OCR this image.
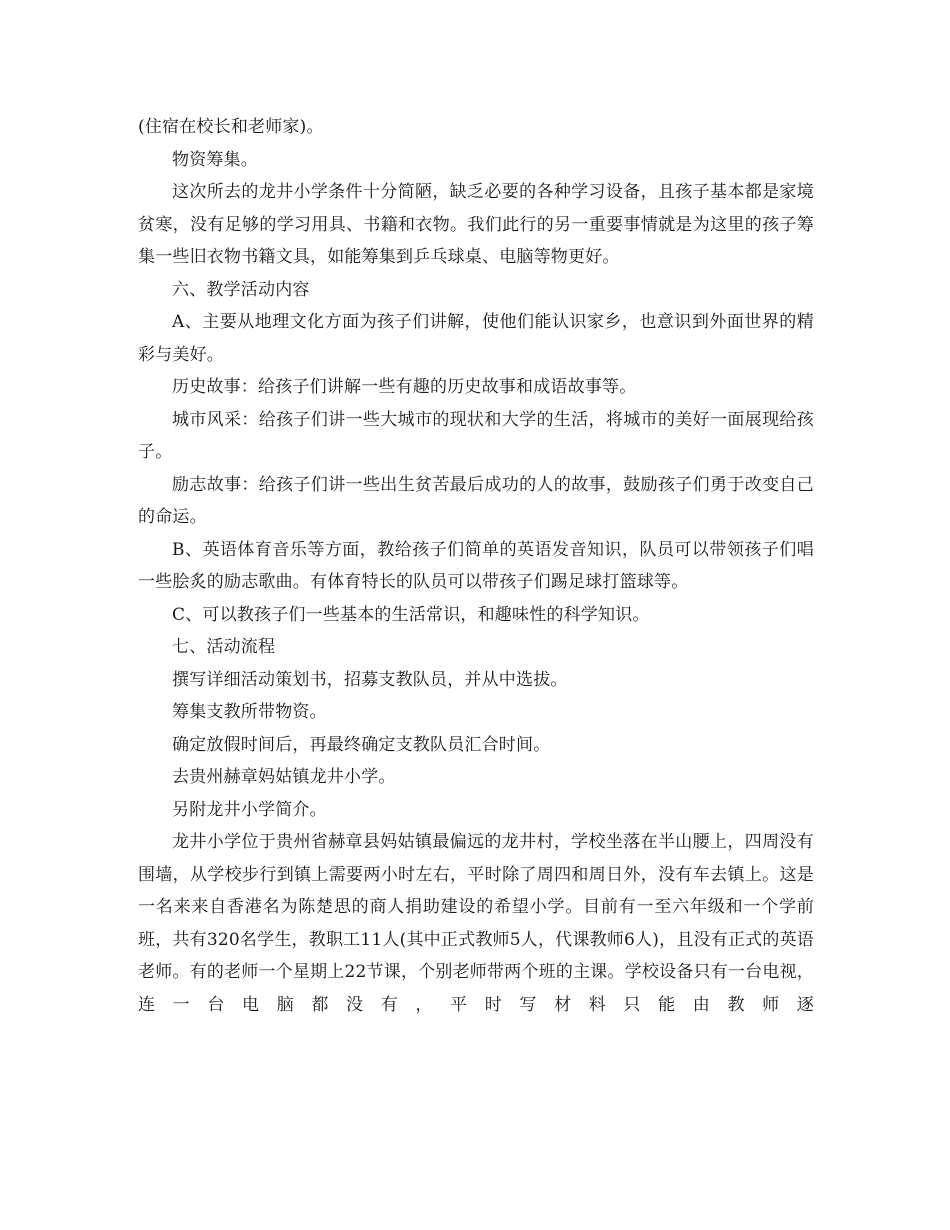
(住宿在校长和老师家)。

物资筹集。

这次所去的龙井小学条件十分简陋，缺乏必要的各种学习设备，且孩子基本都是家境贫寒，没有足够的学习用具、书籍和衣物。我们此行的另一重要事情就是为这里的孩子筹集一些旧衣物书籍文具，如能筹集到乒乓球桌、电脑等物更好。

六、教学活动内容

A、主要从地理文化方面为孩子们讲解，使他们能认识家乡，也意识到外面世界的精彩与美好。

历史故事：给孩子们讲解一些有趣的历史故事和成语故事等。

城市风采：给孩子们讲一些大城市的现状和大学的生活，将城市的美好一面展现给孩子。

励志故事：给孩子们讲一些出生贫苦最后成功的人的故事，鼓励孩子们勇于改变自己的命运。

B、英语体育音乐等方面，教给孩子们简单的英语发音知识，队员可以带领孩子们唱一些脍炙的励志歌曲。有体育特长的队员可以带孩子们踢足球打篮球等。

C、可以教孩子们一些基本的生活常识，和趣味性的科学知识。

七、活动流程

撰写详细活动策划书，招募支教队员，并从中选拔。

筹集支教所带物资。

确定放假时间后，再最终确定支教队员汇合时间。

去贵州赫章妈姑镇龙井小学。

另附龙井小学简介。

龙井小学位于贵州省赫章县妈姑镇最偏远的龙井村，学校坐落在半山腰上，四周没有围墙，从学校步行到镇上需要两小时左右，平时除了周四和周日外，没有车去镇上。这是一名来来自香港名为陈楚思的商人捐助建设的希望小学。目前有一至六年级和一个学前班，共有320名学生，教职工11人(其中正式教师5人，代课教师6人)，且没有正式的英语老师。有的老师一个星期上22节课，个别老师带两个班的主课。学校设备只有一台电视，连一台电脑都没有，平时写材料只能由教师逐
